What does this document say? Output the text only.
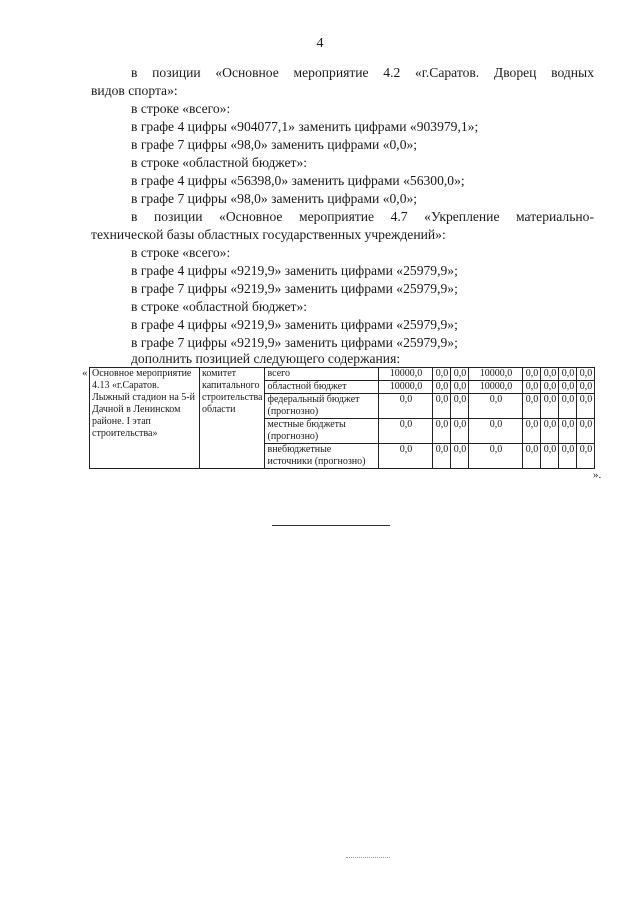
4
в позиции «Основное мероприятие 4.2 «г.Саратов. Дворец водных
видов спорта»:
в строке «всего»:
в графе 4 цифры «904077,1» заменить цифрами «903979,1»;
в графе 7 цифры «98,0» заменить цифрами «0,0»;
в строке «областной бюджет»:
в графе 4 цифры «56398,0» заменить цифрами «56300,0»;
в графе 7 цифры «98,0» заменить цифрами «0,0»;
в позиции «Основное мероприятие 4.7 «Укрепление материально-
технической базы областных государственных учреждений»:
в строке «всего»:
в графе 4 цифры «9219,9» заменить цифрами «25979,9»;
в графе 7 цифры «9219,9» заменить цифрами «25979,9»;
в строке «областной бюджет»:
в графе 4 цифры «9219,9» заменить цифрами «25979,9»;
в графе 7 цифры «9219,9» заменить цифрами «25979,9»;
дополнить позицией следующего содержания:
« Основное мероприятие 4.13 «г.Саратов. Лыжный стадион на 5-й Дачной в Ленинском районе. I этап строительства»	комитет капитального строительства области	всего	10000,0	0,0	0,0	10000,0	0,0	0,0	0,0	0,0
		областной бюджет	10000,0	0,0	0,0	10000,0	0,0	0,0	0,0	0,0
		федеральный бюджет (прогнозно)	0,0	0,0	0,0	0,0	0,0	0,0	0,0	0,0
		местные бюджеты (прогнозно)	0,0	0,0	0,0	0,0	0,0	0,0	0,0	0,0
		внебюджетные источники (прогнозно)	0,0	0,0	0,0	0,0	0,0	0,0	0,0	0,0
».
